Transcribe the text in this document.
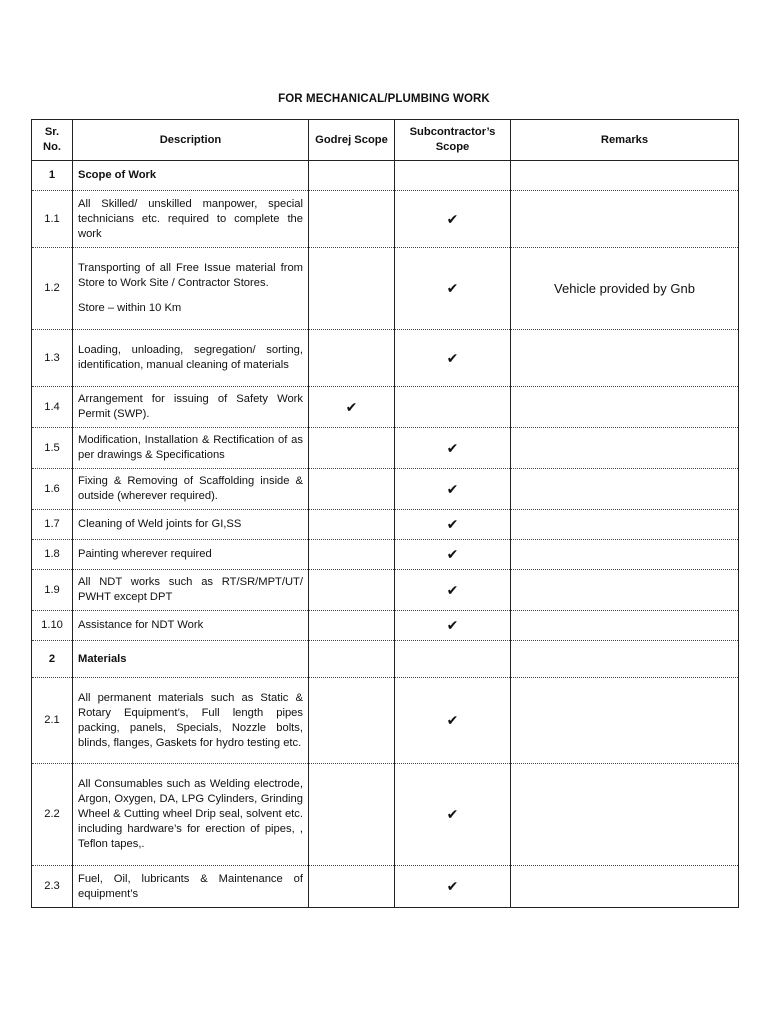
FOR MECHANICAL/PLUMBING WORK
Sr. No.	Description	Godrej Scope	Subcontractor’s Scope	Remarks
1	Scope of Work			

1.1	All Skilled/ unskilled manpower, special technicians etc. required to complete the work		✔	
1.2	Transporting of all Free Issue material from Store to Work Site / Contractor Stores.
Store – within 10 Km		✔	Vehicle provided by Gnb
1.3	Loading, unloading, segregation/ sorting, identification, manual cleaning of materials		✔	
1.4	Arrangement for issuing of Safety Work Permit (SWP).	✔		
1.5	Modification, Installation & Rectification of as per drawings & Specifications		✔	
1.6	Fixing & Removing of Scaffolding inside & outside (wherever required).		✔	
1.7	Cleaning of Weld joints for GI,SS		✔	
1.8	Painting wherever required		✔	
1.9	All NDT works such as RT/SR/MPT/UT/ PWHT except DPT		✔	
1.10	Assistance for NDT Work		✔	
2	Materials			

2.1	All permanent materials such as Static & Rotary Equipment’s, Full length pipes packing, panels, Specials, Nozzle bolts, blinds, flanges, Gaskets for hydro testing etc.		✔	
2.2	All Consumables such as Welding electrode, Argon, Oxygen, DA, LPG Cylinders, Grinding Wheel & Cutting wheel Drip seal, solvent etc. including hardware’s for erection of pipes, , Teflon tapes,.		✔	
2.3	Fuel, Oil, lubricants & Maintenance of equipment’s		✔	
